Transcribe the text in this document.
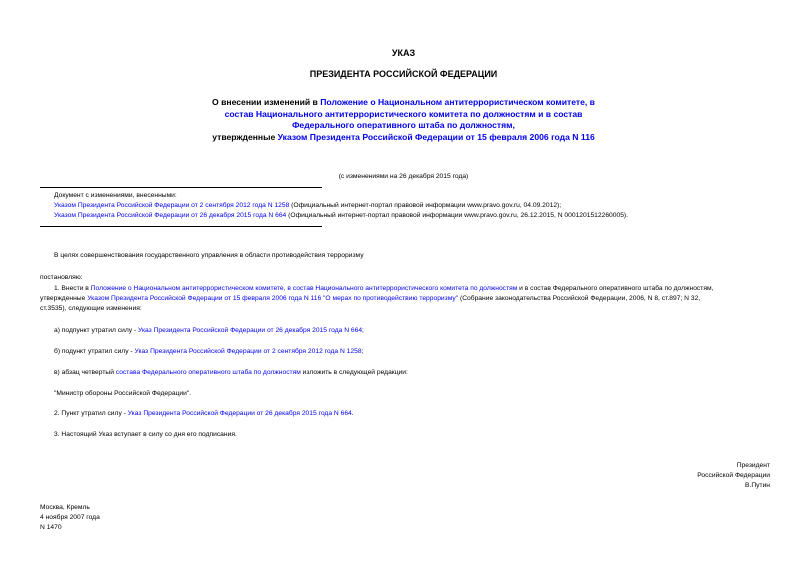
УКАЗ
ПРЕЗИДЕНТА РОССИЙСКОЙ ФЕДЕРАЦИИ
О внесении изменений в Положение о Национальном антитеррористическом комитете, в состав Национального антитеррористического комитета по должностям и в состав Федерального оперативного штаба по должностям,
утвержденные Указом Президента Российской Федерации от 15 февраля 2006 года N 116
(с изменениями на 26 декабря 2015 года)
Документ с изменениями, внесенными:
Указом Президента Российской Федерации от 2 сентября 2012 года N 1258 (Официальный интернет-портал правовой информации www.pravo.gov.ru, 04.09.2012);
Указом Президента Российской Федерации от 26 декабря 2015 года N 664 (Официальный интернет-портал правовой информации www.pravo.gov.ru, 26.12.2015, N 0001201512260005).
В целях совершенствования государственного управления в области противодействия терроризму
постановляю:
1. Внести в Положение о Национальном антитеррористическом комитете, в состав Национального антитеррористического комитета по должностям и в состав Федерального оперативного штаба по должностям,
утвержденные Указом Президента Российской Федерации от 15 февраля 2006 года N 116 "О мерах по противодействию терроризму" (Собрание законодательства Российской Федерации, 2006, N 8, ст.897; N 32,
ст.3535), следующие изменения:
а) подпункт утратил силу - Указ Президента Российской Федерации от 26 декабря 2015 года N 664;
б) подункт утратил силу - Указ Президента Российской Федерации от 2 сентября 2012 года N 1258;
в) абзац четвертый состава Федерального оперативного штаба по должностям изложить в следующей редакции:
"Министр обороны Российской Федерации".
2. Пункт утратил силу - Указ Президента Российской Федерации от 26 декабря 2015 года N 664.
3. Настоящий Указ вступает в силу со дня его подписания.
Президент
Российской Федерации
В.Путин
Москва, Кремль
4 ноября 2007 года
N 1470
